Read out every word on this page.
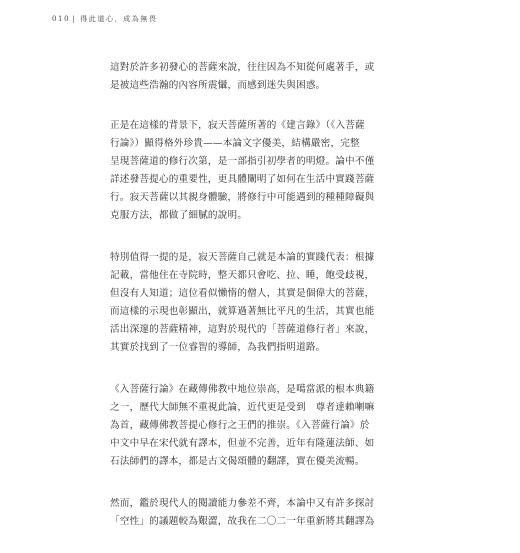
010 | 得此道心，成為無畏
這對於許多初發心的菩薩來說，往往因為不知從何處著手，或
是被這些浩瀚的內容所震懾，而感到迷失與困惑。
正是在這樣的背景下，寂天菩薩所著的《建言錄》（《入菩薩
行論》）顯得格外珍貴——本論文字優美，結構嚴密，完整
呈現菩薩道的修行次第，是一部指引初學者的明燈。論中不僅
詳述發菩提心的重要性，更具體闡明了如何在生活中實踐菩薩
行。寂天菩薩以其親身體驗，將修行中可能遇到的種種障礙與
克服方法，都做了細膩的說明。
特別值得一提的是，寂天菩薩自己就是本論的實踐代表：根據
記載，當他住在寺院時，整天都只會吃、拉、睡，飽受歧視，
但沒有人知道；這位看似懶惰的僧人，其實是個偉大的菩薩，
而這樣的示現也彰顯出，就算過著無比平凡的生活，其實也能
活出深邃的菩薩精神，這對於現代的「菩薩道修行者」來說，
其實於找到了一位睿智的導師，為我們指明道路。
《入菩薩行論》在藏傳佛教中地位崇高，是噶當派的根本典籍
之一，歷代大師無不重視此論，近代更是受到　尊者達賴喇嘛
為首，藏傳佛教菩提心修行之王們的推崇。《入菩薩行論》於
中文中早在宋代就有譯本，但並不完善，近年有隆蓮法師、如
石法師們的譯本，都是古文偈頌體的翻譯，實在優美流暢。
然而，鑑於現代人的閱讀能力參差不齊，本論中又有許多探討
「空性」的議題較為艱澀，故我在二〇二一年重新將其翻譯為
